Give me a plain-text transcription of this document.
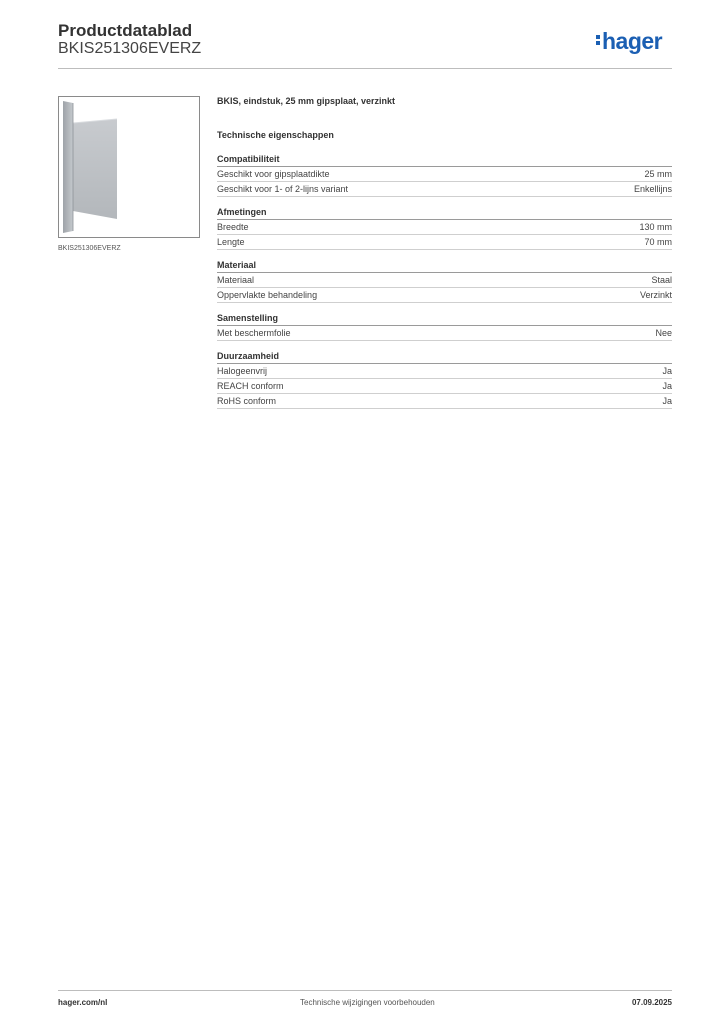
Productdatablad
BKIS251306EVERZ	hager
BKIS251306EVERZ
BKIS, eindstuk, 25 mm gipsplaat, verzinkt
Technische eigenschappen
Compatibiliteit
Geschikt voor gipsplaatdikte	25 mm
Geschikt voor 1- of 2-lijns variant	Enkellijns
Afmetingen
Breedte	130 mm
Lengte	70 mm
Materiaal
Materiaal	Staal
Oppervlakte behandeling	Verzinkt
Samenstelling
Met beschermfolie	Nee
Duurzaamheid
Halogeenvrij	Ja
REACH conform	Ja
RoHS conform	Ja
hager.com/nl	Technische wijzigingen voorbehouden	07.09.2025
